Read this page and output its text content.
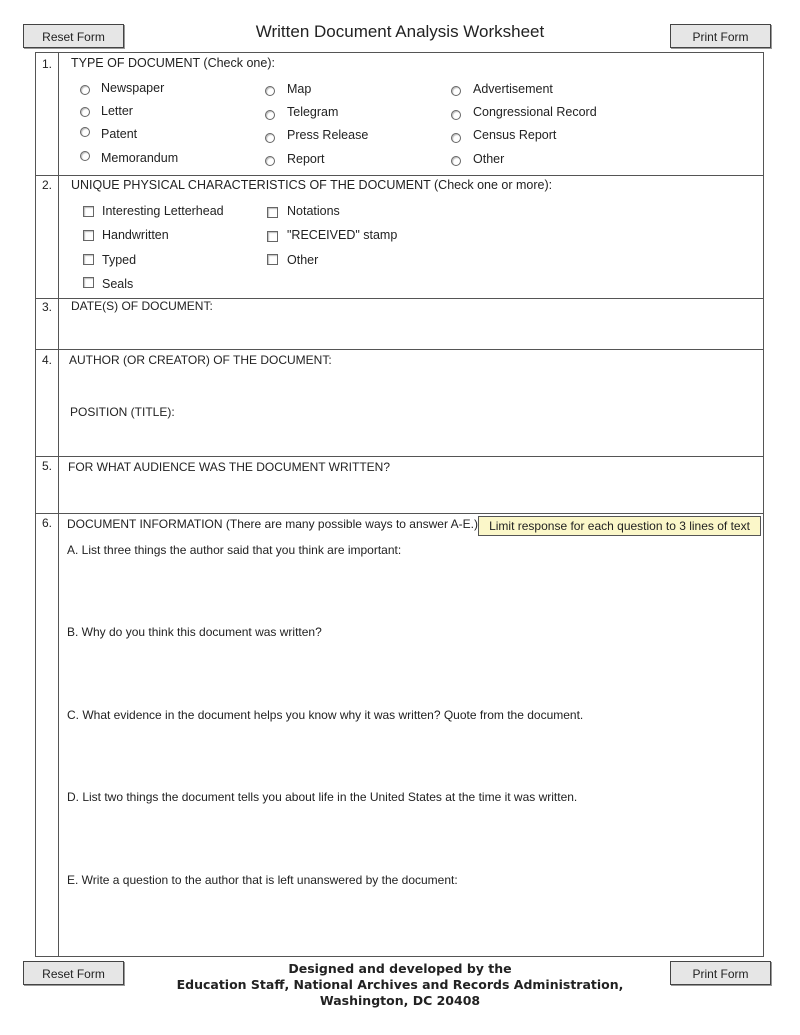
Reset Form	Written Document Analysis Worksheet	Print Form
1.	TYPE OF DOCUMENT (Check one):
Newspaper
Letter
Patent
Memorandum
Map
Telegram
Press Release
Report
Advertisement
Congressional Record
Census Report
Other
2.	UNIQUE PHYSICAL CHARACTERISTICS OF THE DOCUMENT (Check one or more):
Interesting Letterhead
Handwritten
Typed
Seals
Notations
"RECEIVED" stamp
Other
3.	DATE(S) OF DOCUMENT:
4.	AUTHOR (OR CREATOR) OF THE DOCUMENT:
POSITION (TITLE):
5.	FOR WHAT AUDIENCE WAS THE DOCUMENT WRITTEN?
6.	DOCUMENT INFORMATION (There are many possible ways to answer A-E.) Limit response for each question to 3 lines of text
A. List three things the author said that you think are important:
B. Why do you think this document was written?
C. What evidence in the document helps you know why it was written? Quote from the document.
D. List two things the document tells you about life in the United States at the time it was written.
E. Write a question to the author that is left unanswered by the document:
Reset Form	Print Form
Designed and developed by the
Education Staff, National Archives and Records Administration,
Washington, DC 20408
